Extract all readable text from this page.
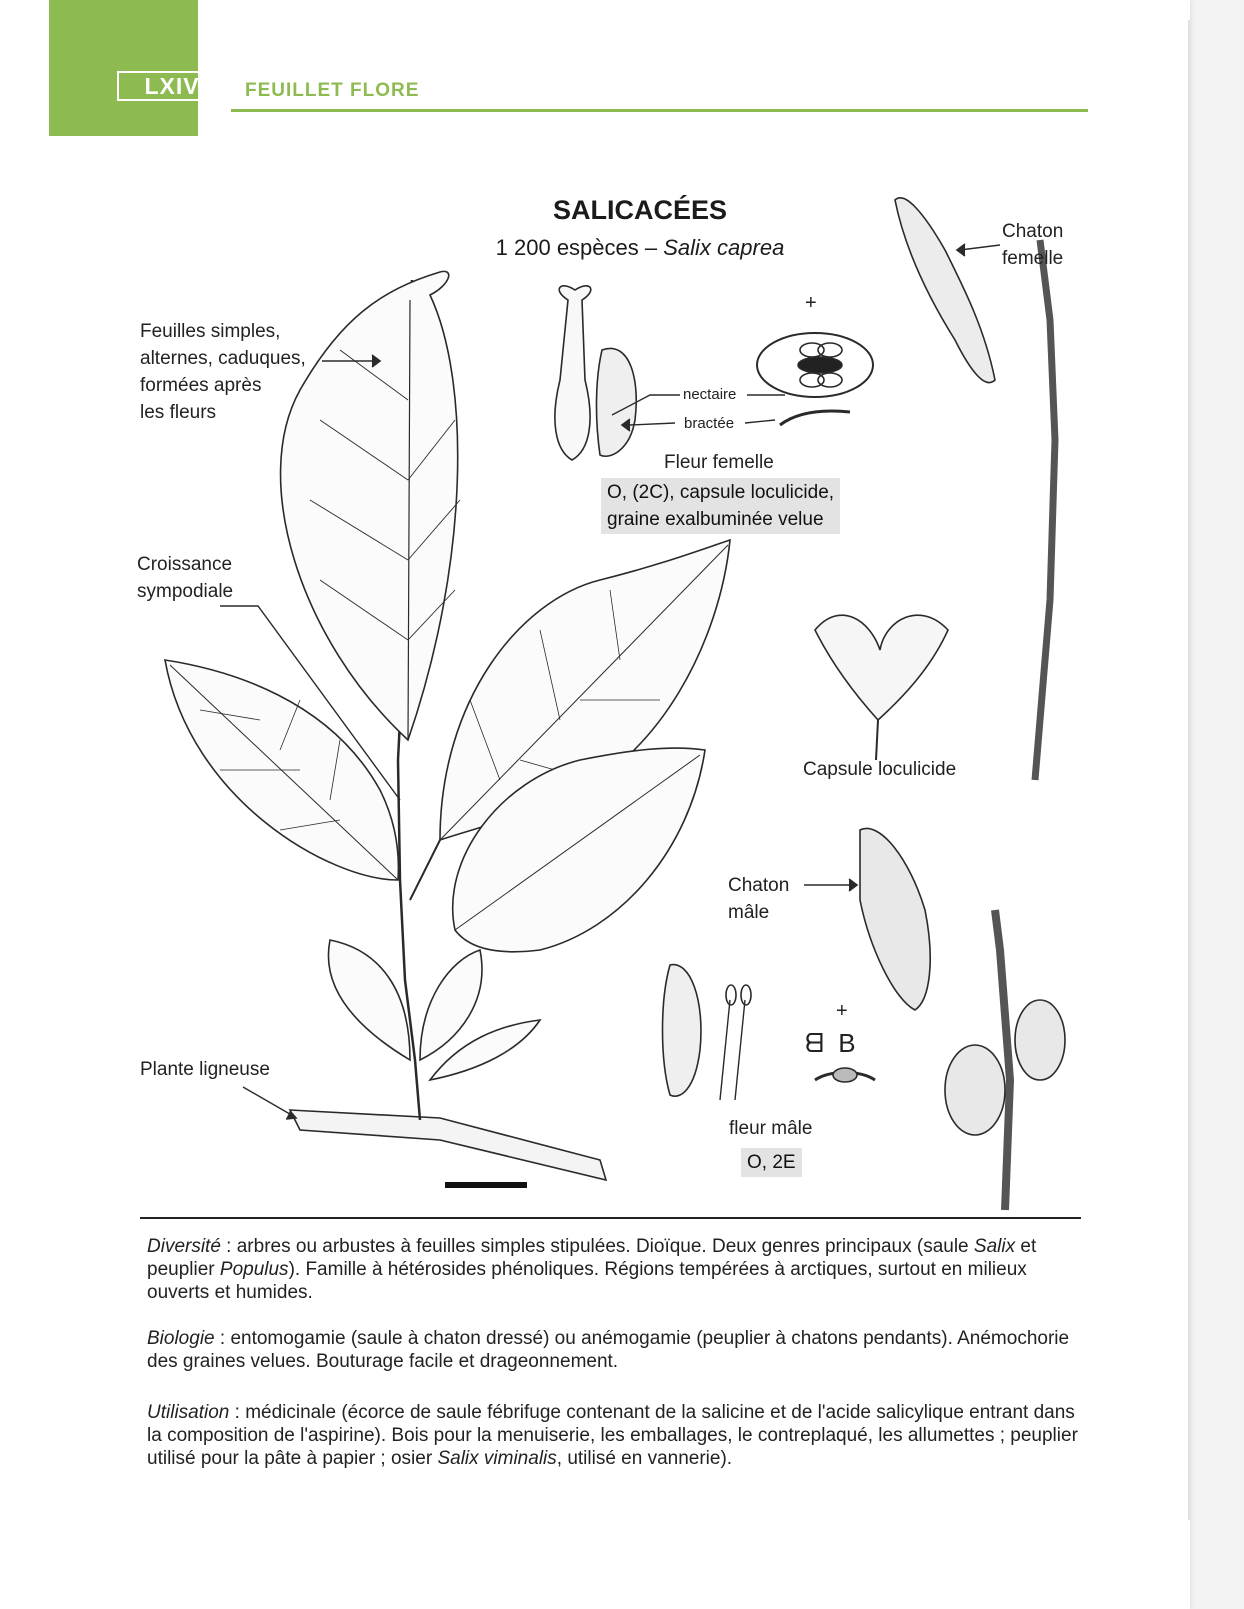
LXIV	FEUILLET FLORE
SALICACÉES
1 200 espèces – Salix caprea
Feuilles simples,
alternes, caduques,
formées après
les fleurs
Croissance
sympodiale
Plante ligneuse
Chaton
femelle
Chaton
mâle
Capsule loculicide
+
+
ᗺ  B
nectaire
bractée
Fleur femelle
O, (2C), capsule loculicide,
graine exalbuminée velue
fleur mâle
O, 2E

Diversité : arbres ou arbustes à feuilles simples stipulées. Dioïque. Deux genres principaux (saule Salix et peuplier Populus). Famille à hétérosides phénoliques. Régions tempérées à arctiques, surtout en milieux ouverts et humides.

Biologie : entomogamie (saule à chaton dressé) ou anémogamie (peuplier à chatons pendants). Anémochorie des graines velues. Bouturage facile et drageonnement.

Utilisation : médicinale (écorce de saule fébrifuge contenant de la salicine et de l'acide salicylique entrant dans la composition de l'aspirine). Bois pour la menuiserie, les emballages, le contreplaqué, les allumettes ; peuplier utilisé pour la pâte à papier ; osier Salix viminalis, utilisé en vannerie).
